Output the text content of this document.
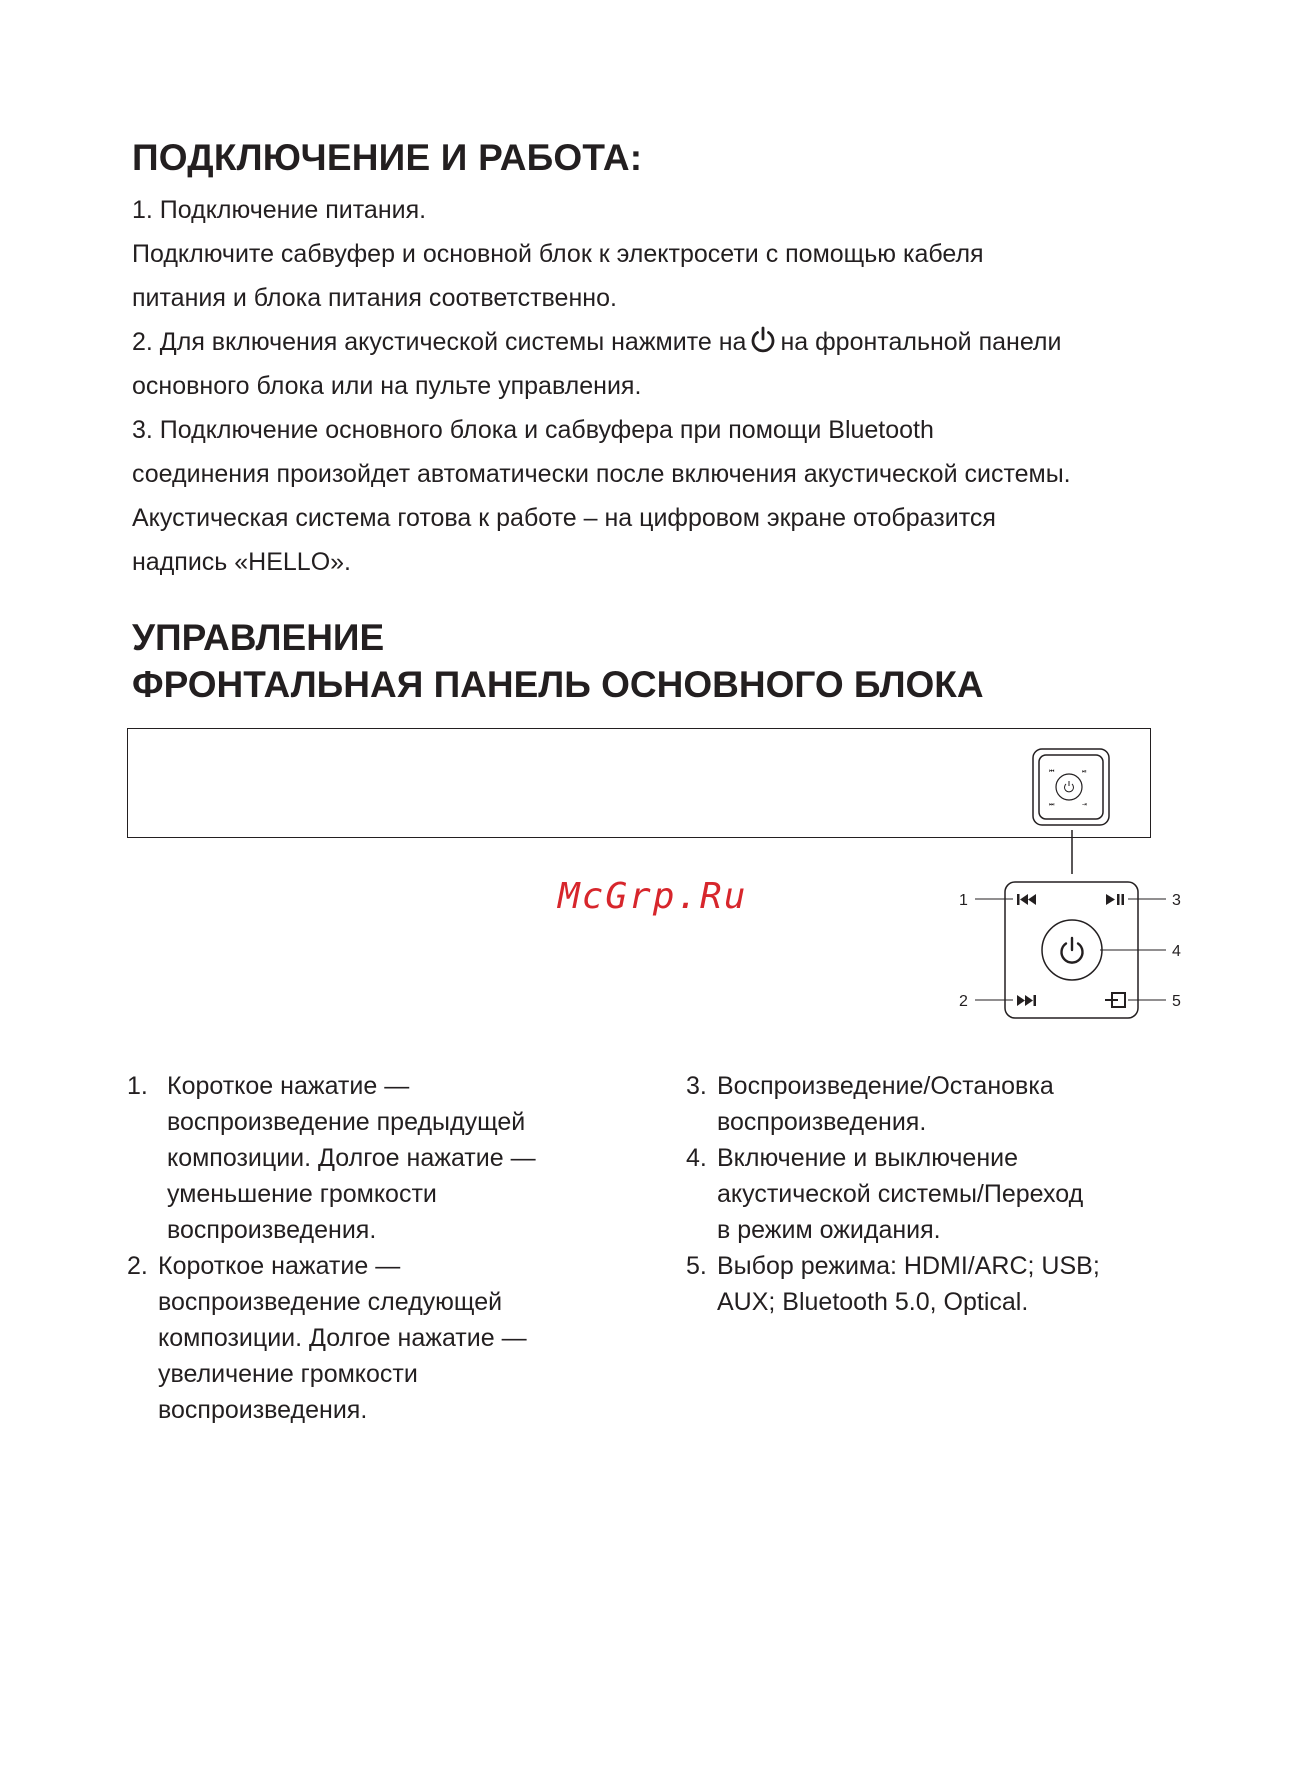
ПОДКЛЮЧЕНИЕ И РАБОТА:

1. Подключение питания.

Подключите сабвуфер и основной блок к электросети с помощью кабеля

питания и блока питания соответственно.

2. Для включения акустической системы нажмите на на фронтальной панели

основного блока или на пульте управления.

3. Подключение основного блока и сабвуфера при помощи Bluetooth

соединения произойдет автоматически после включения акустической системы.

Акустическая система готова к работе – на цифровом экране отобразится

надпись «HELLO».

УПРАВЛЕНИЕ
ФРОНТАЛЬНАЯ ПАНЕЛЬ ОСНОВНОГО БЛОКА
McGrp.Ru
⏮	⏯
⏭	⇥
1
2
3
4
5
1. Короткое нажатие —
воспроизведение предыдущей
композиции. Долгое нажатие —
уменьшение громкости
воспроизведения.
2. Короткое нажатие —
воспроизведение следующей
композиции. Долгое нажатие —
увеличение громкости
воспроизведения.
3. Воспроизведение/Остановка
воспроизведения.
4. Включение и выключение
акустической системы/Переход
в режим ожидания.
5. Выбор режима: HDMI/ARC; USB;
AUX; Bluetooth 5.0, Optical.
